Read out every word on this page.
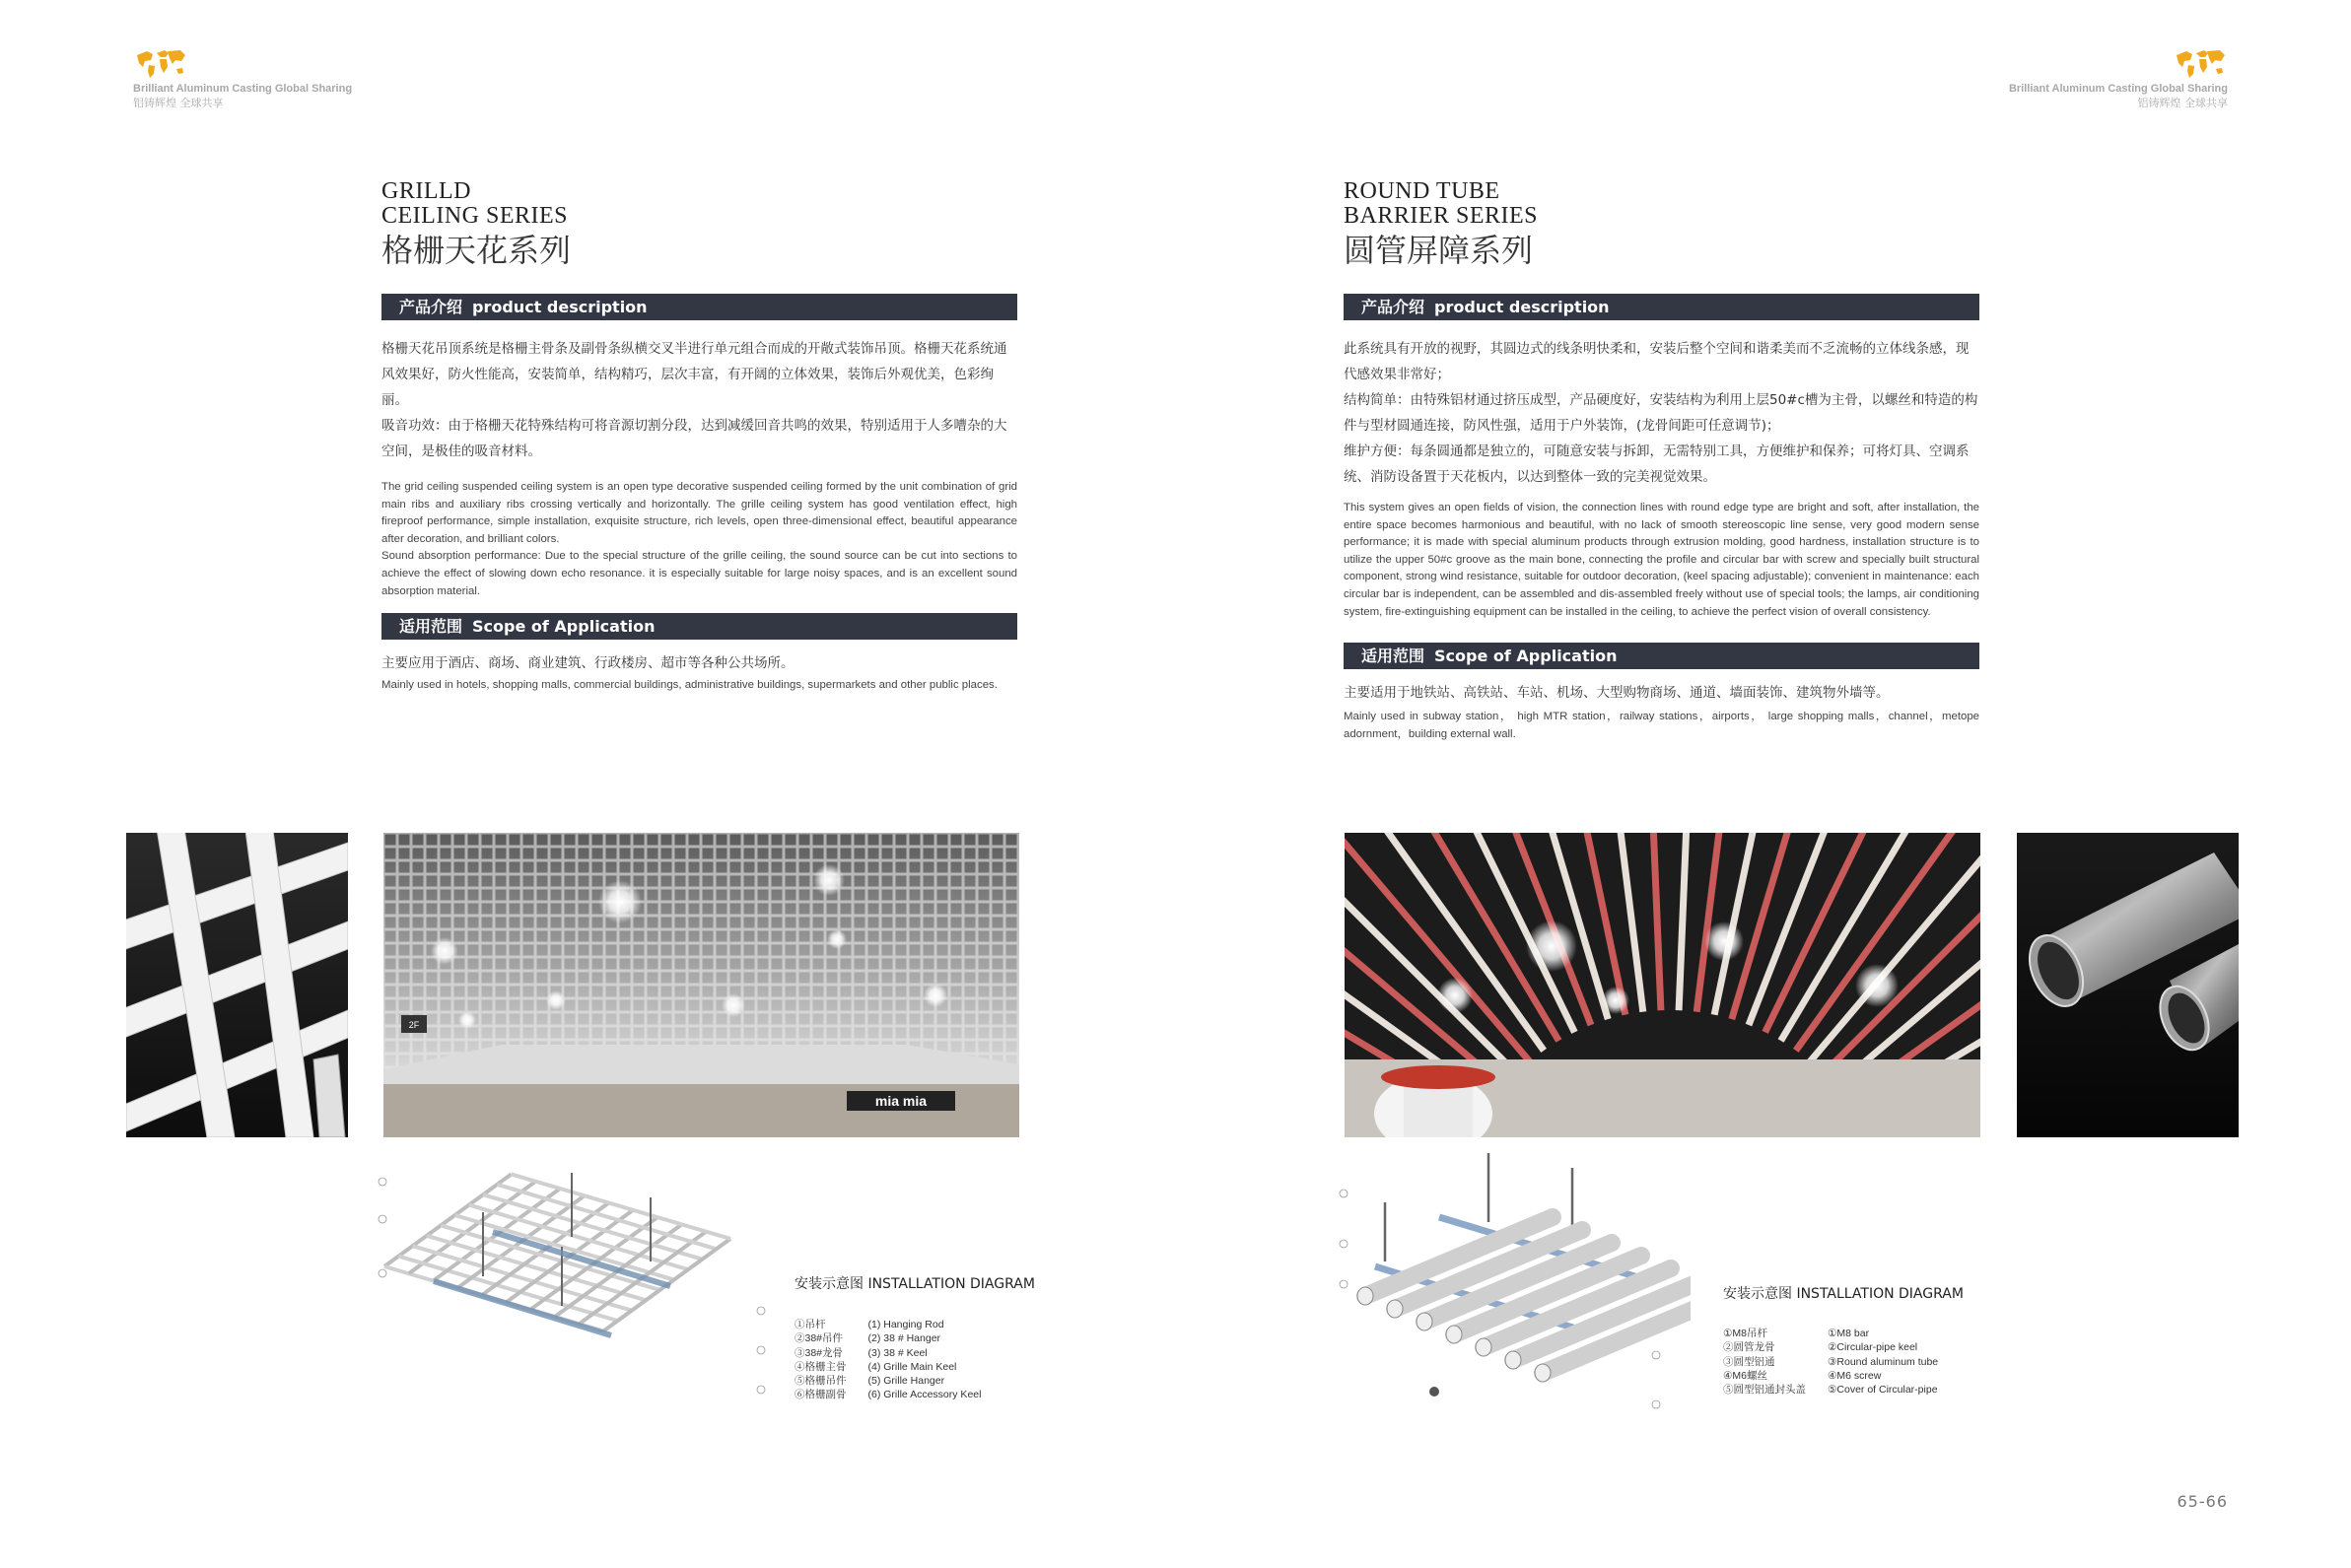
Brilliant Aluminum Casting Global Sharing
铝铸辉煌 全球共享
Brilliant Aluminum Casting Global Sharing
铝铸辉煌 全球共享
GRILLD
CEILING SERIES
格栅天花系列
产品介绍 product description

格栅天花吊顶系统是格栅主骨条及副骨条纵横交叉半进行单元组合而成的开敞式装饰吊顶。格栅天花系统通风效果好，防火性能高，安装简单，结构精巧，层次丰富，有开阔的立体效果，装饰后外观优美，色彩绚丽。

吸音功效：由于格栅天花特殊结构可将音源切割分段，达到减缓回音共鸣的效果，特别适用于人多嘈杂的大空间，是极佳的吸音材料。

The grid ceiling suspended ceiling system is an open type decorative suspended ceiling formed by the unit combination of grid main ribs and auxiliary ribs crossing vertically and horizontally. The grille ceiling system has good ventilation effect, high fireproof performance, simple installation, exquisite structure, rich levels, open three-dimensional effect, beautiful appearance after decoration, and brilliant colors.

Sound absorption performance: Due to the special structure of the grille ceiling, the sound source can be cut into sections to achieve the effect of slowing down echo resonance. it is especially suitable for large noisy spaces, and is an excellent sound absorption material.

适用范围 Scope of Application
主要应用于酒店、商场、商业建筑、行政楼房、超市等各种公共场所。
Mainly used in hotels, shopping malls, commercial buildings, administrative buildings, supermarkets and other public places.
ROUND TUBE
BARRIER SERIES
圆管屏障系列
产品介绍 product description

此系统具有开放的视野，其圆边式的线条明快柔和，安装后整个空间和谐柔美而不乏流畅的立体线条感，现代感效果非常好；

结构简单：由特殊铝材通过挤压成型，产品硬度好，安装结构为利用上层50#c槽为主骨，以螺丝和特造的构件与型材圆通连接，防风性强，适用于户外装饰，(龙骨间距可任意调节)；

维护方便：每条圆通都是独立的，可随意安装与拆卸，无需特别工具，方便维护和保养；可将灯具、空调系统、消防设备置于天花板内，以达到整体一致的完美视觉效果。

This system gives an open fields of vision, the connection lines with round edge type are bright and soft, after installation, the entire space becomes harmonious and beautiful, with no lack of smooth stereoscopic line sense, very good modern sense performance; it is made with special aluminum products through extrusion molding, good hardness, installation structure is to utilize the upper 50#c groove as the main bone, connecting the profile and circular bar with screw and specially built structural component, strong wind resistance, suitable for outdoor decoration, (keel spacing adjustable); convenient in maintenance: each circular bar is independent, can be assembled and dis-assembled freely without use of special tools; the lamps, air conditioning system, fire-extinguishing equipment can be installed in the ceiling, to achieve the perfect vision of overall consistency.
适用范围 Scope of Application
主要适用于地铁站、高铁站、车站、机场、大型购物商场、通道、墙面装饰、建筑物外墙等。
Mainly used in subway station， high MTR station，railway stations，airports， large shopping malls，channel，metope adornment，building external wall.
mia mia
2F
安装示意图 INSTALLATION DIAGRAM
①吊杆
②38#吊件
③38#龙骨
④格栅主骨
⑤格栅吊件
⑥格栅副骨
(1) Hanging Rod
(2) 38 # Hanger
(3) 38 # Keel
(4) Grille Main Keel
(5) Grille Hanger
(6) Grille Accessory Keel
安装示意图 INSTALLATION DIAGRAM
①M8吊杆
②圆管龙骨
③圆型铝通
④M6螺丝
⑤圆型铝通封头盖
①M8 bar
②Circular-pipe keel
③Round aluminum tube
④M6 screw
⑤Cover of Circular-pipe
65-66
